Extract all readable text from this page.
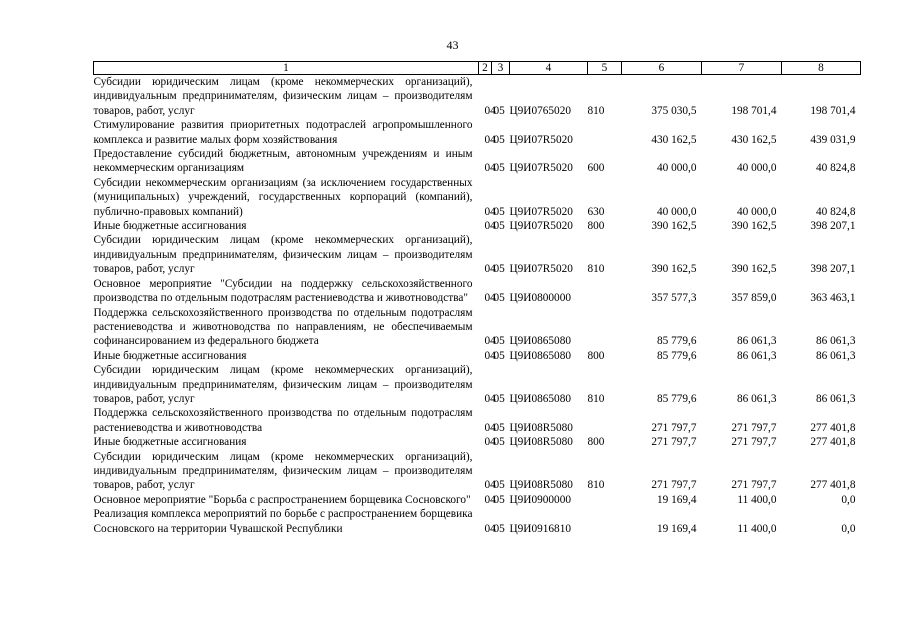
43
1	2	3	4	5	6	7	8
Субсидии юридическим лицам (кроме некоммерческих организаций), индивидуальным предпринимателям, физическим лицам – производителям товаров, работ, услуг	04	05	Ц9И0765020	810	375 030,5	198 701,4	198 701,4
Стимулирование развития приоритетных подотраслей агропромышленного комплекса и развитие малых форм хозяйствования	04	05	Ц9И07R5020		430 162,5	430 162,5	439 031,9
Предоставление субсидий бюджетным, автономным учреждениям и иным некоммерческим организациям	04	05	Ц9И07R5020	600	40 000,0	40 000,0	40 824,8
Субсидии некоммерческим организациям (за исключением государственных (муниципальных) учреждений, государственных корпораций (компаний), публично-правовых компаний)	04	05	Ц9И07R5020	630	40 000,0	40 000,0	40 824,8
Иные бюджетные ассигнования	04	05	Ц9И07R5020	800	390 162,5	390 162,5	398 207,1
Субсидии юридическим лицам (кроме некоммерческих организаций), индивидуальным предпринимателям, физическим лицам – производителям товаров, работ, услуг	04	05	Ц9И07R5020	810	390 162,5	390 162,5	398 207,1
Основное мероприятие "Субсидии на поддержку сельскохозяйственного производства по отдельным подотраслям растениеводства и животноводства"	04	05	Ц9И0800000		357 577,3	357 859,0	363 463,1
Поддержка сельскохозяйственного производства по отдельным подотраслям растениеводства и животноводства по направлениям, не обеспечиваемым софинансированием из федерального бюджета	04	05	Ц9И0865080		85 779,6	86 061,3	86 061,3
Иные бюджетные ассигнования	04	05	Ц9И0865080	800	85 779,6	86 061,3	86 061,3
Субсидии юридическим лицам (кроме некоммерческих организаций), индивидуальным предпринимателям, физическим лицам – производителям товаров, работ, услуг	04	05	Ц9И0865080	810	85 779,6	86 061,3	86 061,3
Поддержка сельскохозяйственного производства по отдельным подотраслям растениеводства и животноводства	04	05	Ц9И08R5080		271 797,7	271 797,7	277 401,8
Иные бюджетные ассигнования	04	05	Ц9И08R5080	800	271 797,7	271 797,7	277 401,8
Субсидии юридическим лицам (кроме некоммерческих организаций), индивидуальным предпринимателям, физическим лицам – производителям товаров, работ, услуг	04	05	Ц9И08R5080	810	271 797,7	271 797,7	277 401,8
Основное мероприятие "Борьба с распространением борщевика Сосновского"	04	05	Ц9И0900000		19 169,4	11 400,0	0,0
Реализация комплекса мероприятий по борьбе с распространением борщевика Сосновского на территории Чувашской Республики	04	05	Ц9И0916810		19 169,4	11 400,0	0,0
